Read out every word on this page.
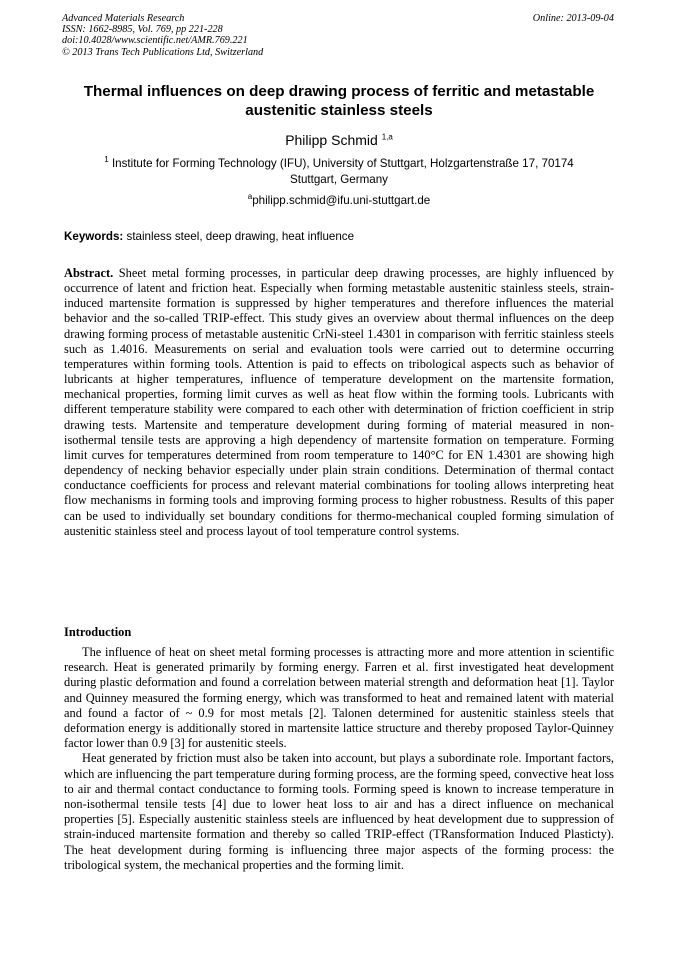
Advanced Materials Research
ISSN: 1662-8985, Vol. 769, pp 221-228
doi:10.4028/www.scientific.net/AMR.769.221
© 2013 Trans Tech Publications Ltd, Switzerland
Online: 2013-09-04
Thermal influences on deep drawing process of ferritic and metastable austenitic stainless steels
Philipp Schmid $^{1,a}$
$^1$ Institute for Forming Technology (IFU), University of Stuttgart, Holzgartenstraße 17, 70174 Stuttgart, Germany
$^a$philipp.schmid@ifu.uni-stuttgart.de
Keywords: stainless steel, deep drawing, heat influence
Abstract. Sheet metal forming processes, in particular deep drawing processes, are highly influenced by occurrence of latent and friction heat. Especially when forming metastable austenitic stainless steels, strain-induced martensite formation is suppressed by higher temperatures and therefore influences the material behavior and the so-called TRIP-effect. This study gives an overview about thermal influences on the deep drawing forming process of metastable austenitic CrNi-steel 1.4301 in comparison with ferritic stainless steels such as 1.4016. Measurements on serial and evaluation tools were carried out to determine occurring temperatures within forming tools. Attention is paid to effects on tribological aspects such as behavior of lubricants at higher temperatures, influence of temperature development on the martensite formation, mechanical properties, forming limit curves as well as heat flow within the forming tools. Lubricants with different temperature stability were compared to each other with determination of friction coefficient in strip drawing tests. Martensite and temperature development during forming of material measured in non-isothermal tensile tests are approving a high dependency of martensite formation on temperature. Forming limit curves for temperatures determined from room temperature to 140°C for EN 1.4301 are showing high dependency of necking behavior especially under plain strain conditions. Determination of thermal contact conductance coefficients for process and relevant material combinations for tooling allows interpreting heat flow mechanisms in forming tools and improving forming process to higher robustness. Results of this paper can be used to individually set boundary conditions for thermo-mechanical coupled forming simulation of austenitic stainless steel and process layout of tool temperature control systems.
Introduction

The influence of heat on sheet metal forming processes is attracting more and more attention in scientific research. Heat is generated primarily by forming energy. Farren et al. first investigated heat development during plastic deformation and found a correlation between material strength and deformation heat [1]. Taylor and Quinney measured the forming energy, which was transformed to heat and remained latent with material and found a factor of ~ 0.9 for most metals [2]. Talonen determined for austenitic stainless steels that deformation energy is additionally stored in martensite lattice structure and thereby proposed Taylor-Quinney factor lower than 0.9 [3] for austenitic steels.

Heat generated by friction must also be taken into account, but plays a subordinate role. Important factors, which are influencing the part temperature during forming process, are the forming speed, convective heat loss to air and thermal contact conductance to forming tools. Forming speed is known to increase temperature in non-isothermal tensile tests [4] due to lower heat loss to air and has a direct influence on mechanical properties [5]. Especially austenitic stainless steels are influenced by heat development due to suppression of strain-induced martensite formation and thereby so called TRIP-effect (TRansformation Induced Plasticty). The heat development during forming is influencing three major aspects of the forming process: the tribological system, the mechanical properties and the forming limit.
